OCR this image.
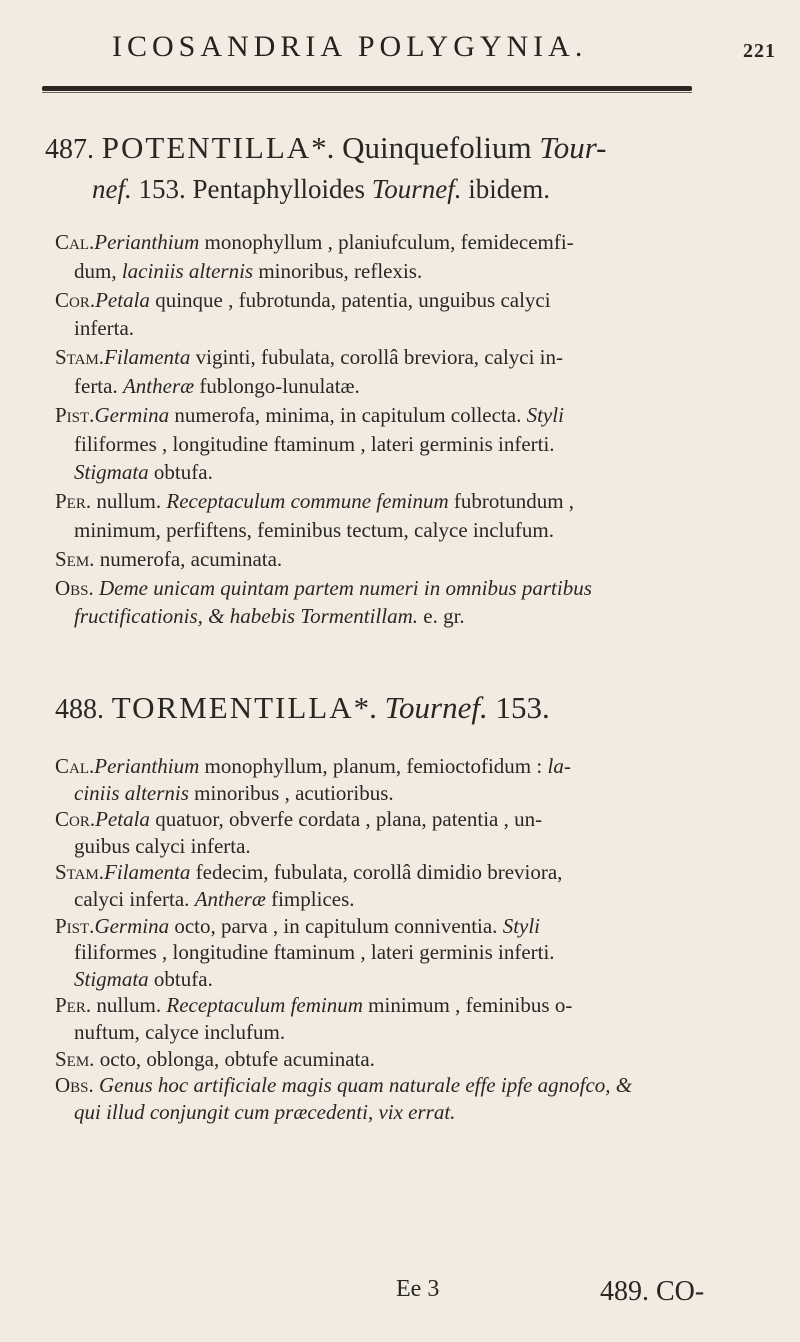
ICOSANDRIA POLYGYNIA.	221
487. POTENTILLA*. Quinquefolium Tour-
nef. 153. Pentaphylloides Tournef. ibidem.
Cal.Perianthium monophyllum , planiufculum, femidecemfi-
dum, laciniis alternis minoribus, reflexis.
Cor.Petala quinque , fubrotunda, patentia, unguibus calyci
inferta.
Stam.Filamenta viginti, fubulata, corollâ breviora, calyci in-
ferta. Antheræ fublongo-lunulatæ.
Pist.Germina numerofa, minima, in capitulum collecta. Styli
filiformes , longitudine ftaminum , lateri germinis inferti.
Stigmata obtufa.
Per. nullum. Receptaculum commune feminum fubrotundum ,
minimum, perfiftens, feminibus tectum, calyce inclufum.
Sem. numerofa, acuminata.
Obs. Deme unicam quintam partem numeri in omnibus partibus
fructificationis, & habebis Tormentillam. e. gr.
488. TORMENTILLA*. Tournef. 153.
Cal.Perianthium monophyllum, planum, femioctofidum : la-
ciniis alternis minoribus , acutioribus.
Cor.Petala quatuor, obverfe cordata , plana, patentia , un-
guibus calyci inferta.
Stam.Filamenta fedecim, fubulata, corollâ dimidio breviora,
calyci inferta. Antheræ fimplices.
Pist.Germina octo, parva , in capitulum conniventia. Styli
filiformes , longitudine ftaminum , lateri germinis inferti.
Stigmata obtufa.
Per. nullum. Receptaculum feminum minimum , feminibus o-
nuftum, calyce inclufum.
Sem. octo, oblonga, obtufe acuminata.
Obs. Genus hoc artificiale magis quam naturale effe ipfe agnofco, &
qui illud conjungit cum præcedenti, vix errat.
Ee 3	489. CO-
